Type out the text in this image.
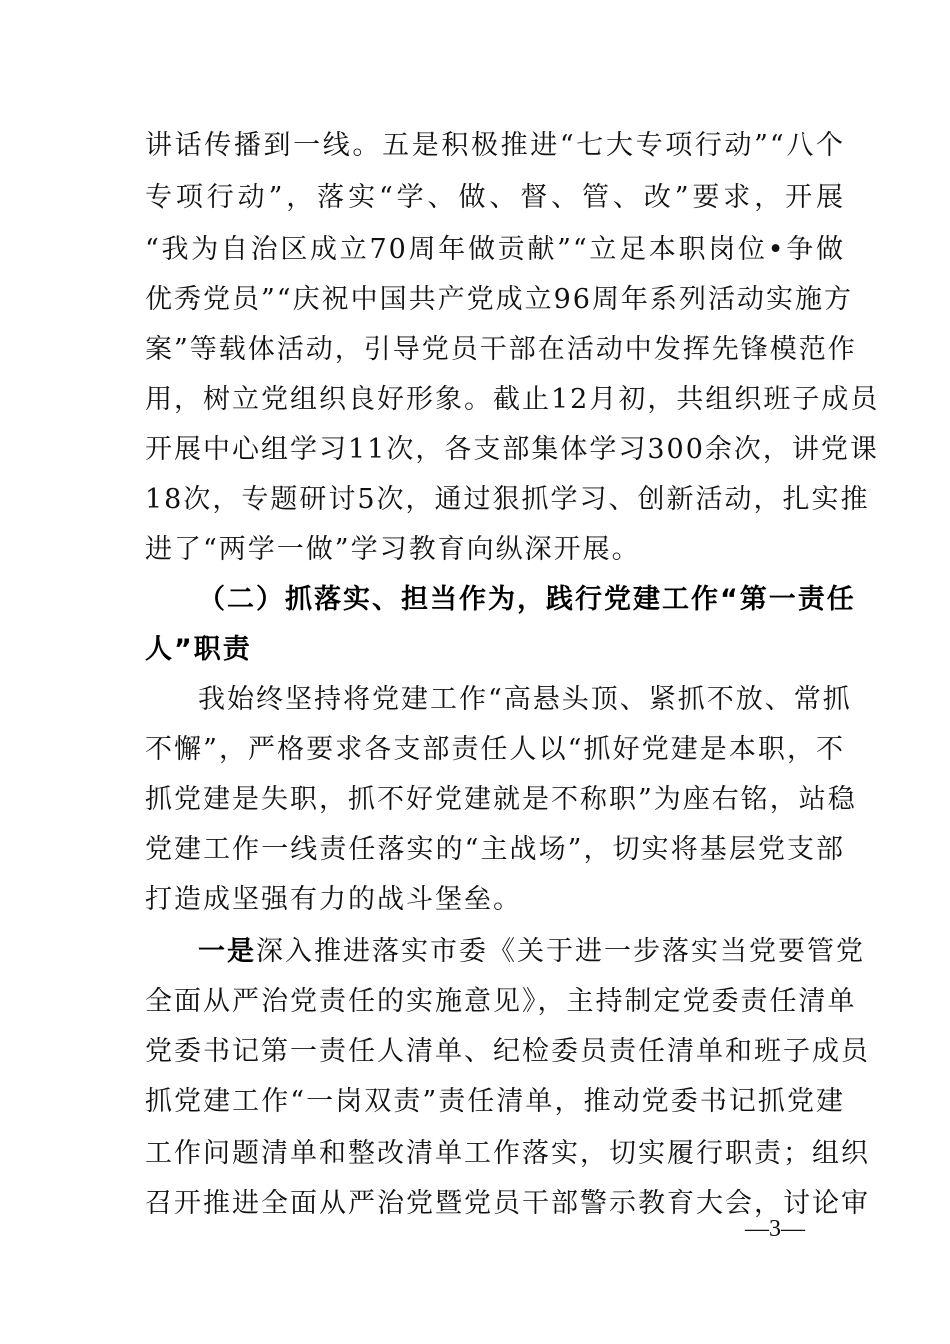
讲话传播到一线。五是积极推进“七大专项行动”“八个
专项行动”，落实“学、做、督、管、改”要求，开展
“我为自治区成立70周年做贡献”“立足本职岗位•争做
优秀党员”“庆祝中国共产党成立96周年系列活动实施方
案”等载体活动，引导党员干部在活动中发挥先锋模范作
用，树立党组织良好形象。截止12月初，共组织班子成员
开展中心组学习11次，各支部集体学习300余次，讲党课
18次，专题研讨5次，通过狠抓学习、创新活动，扎实推
进了“两学一做”学习教育向纵深开展。
（二）抓落实、担当作为，践行党建工作“第一责任
人”职责
我始终坚持将党建工作“高悬头顶、紧抓不放、常抓
不懈”，严格要求各支部责任人以“抓好党建是本职，不
抓党建是失职，抓不好党建就是不称职”为座右铭，站稳
党建工作一线责任落实的“主战场”，切实将基层党支部
打造成坚强有力的战斗堡垒。
一是深入推进落实市委《关于进一步落实当党要管党
全面从严治党责任的实施意见》，主持制定党委责任清单
党委书记第一责任人清单、纪检委员责任清单和班子成员
抓党建工作“一岗双责”责任清单，推动党委书记抓党建
工作问题清单和整改清单工作落实，切实履行职责；组织
召开推进全面从严治党暨党员干部警示教育大会，讨论审
—3—
